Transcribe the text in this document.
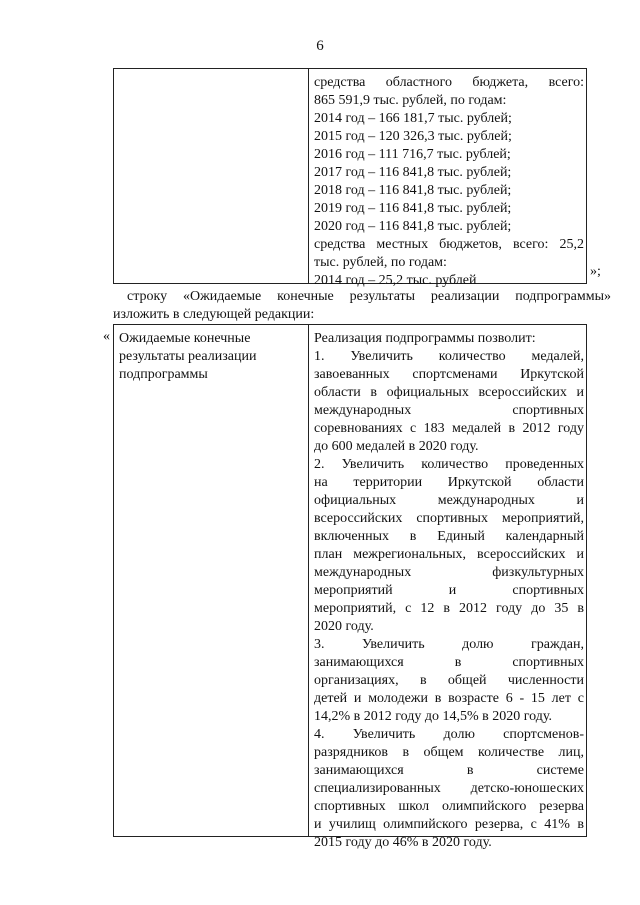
6
средства областного бюджета, всего:
865 591,9 тыс. рублей, по годам:
2014 год – 166 181,7 тыс. рублей;
2015 год – 120 326,3 тыс. рублей;
2016 год – 111 716,7 тыс. рублей;
2017 год – 116 841,8 тыс. рублей;
2018 год – 116 841,8 тыс. рублей;
2019 год – 116 841,8 тыс. рублей;
2020 год – 116 841,8 тыс. рублей;
средства местных бюджетов, всего: 25,2
тыс. рублей, по годам:
2014 год – 25,2 тыс. рублей
»;
строку «Ожидаемые конечные результаты реализации подпрограммы»
изложить в следующей редакции:
« Ожидаемые конечные
результаты реализации
подпрограммы
Реализация подпрограммы позволит:
1. Увеличить количество медалей,
завоеванных спортсменами Иркутской
области в официальных всероссийских и
международных спортивных
соревнованиях с 183 медалей в 2012 году
до 600 медалей в 2020 году.
2. Увеличить количество проведенных
на территории Иркутской области
официальных международных и
всероссийских спортивных мероприятий,
включенных в Единый календарный
план межрегиональных, всероссийских и
международных физкультурных
мероприятий и спортивных
мероприятий, с 12 в 2012 году до 35 в
2020 году.
3. Увеличить долю граждан,
занимающихся в спортивных
организациях, в общей численности
детей и молодежи в возрасте 6 - 15 лет с
14,2% в 2012 году до 14,5% в 2020 году.
4. Увеличить долю спортсменов-
разрядников в общем количестве лиц,
занимающихся в системе
специализированных детско-юношеских
спортивных школ олимпийского резерва
и училищ олимпийского резерва, с 41% в
2015 году до 46% в 2020 году.
